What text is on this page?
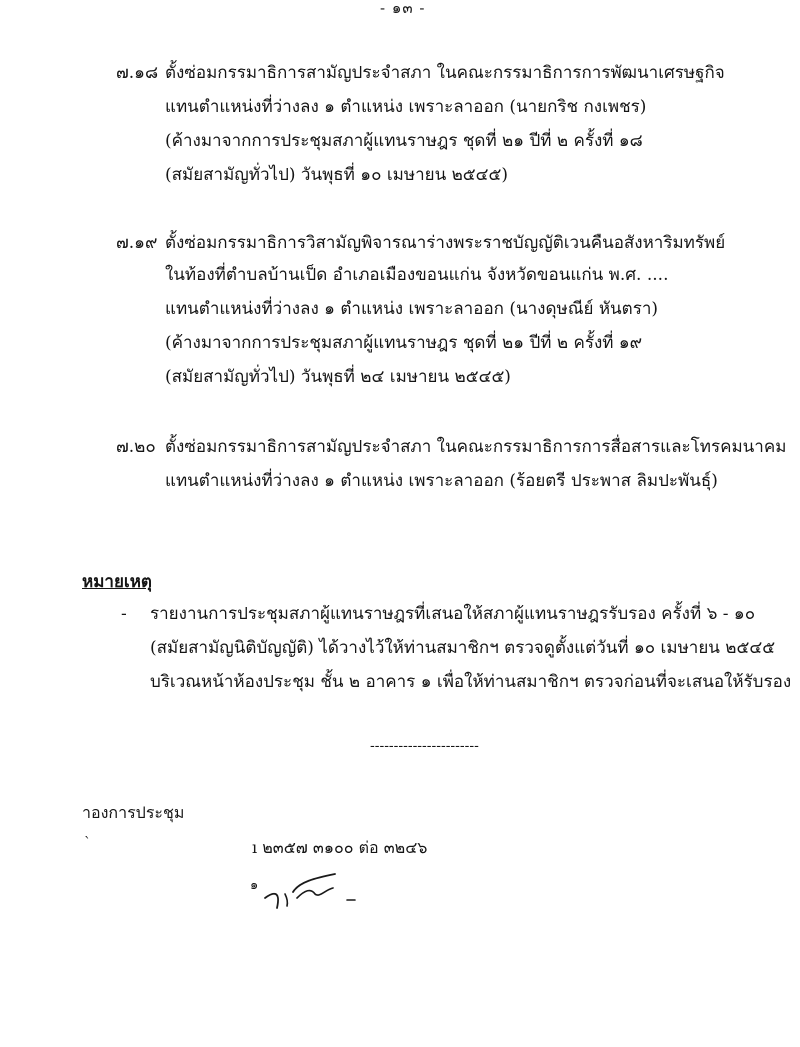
- ๑๓ -
๗.๑๘ ตั้งซ่อมกรรมาธิการสามัญประจำสภา ในคณะกรรมาธิการการพัฒนาเศรษฐกิจ
แทนตำแหน่งที่ว่างลง ๑ ตำแหน่ง เพราะลาออก (นายกริช กงเพชร)
(ค้างมาจากการประชุมสภาผู้แทนราษฎร ชุดที่ ๒๑ ปีที่ ๒ ครั้งที่ ๑๘
(สมัยสามัญทั่วไป) วันพุธที่ ๑๐ เมษายน ๒๕๔๕)
๗.๑๙ ตั้งซ่อมกรรมาธิการวิสามัญพิจารณาร่างพระราชบัญญัติเวนคืนอสังหาริมทรัพย์
ในท้องที่ตำบลบ้านเป็ด อำเภอเมืองขอนแก่น จังหวัดขอนแก่น พ.ศ. ....
แทนตำแหน่งที่ว่างลง ๑ ตำแหน่ง เพราะลาออก (นางดุษณีย์ หันตรา)
(ค้างมาจากการประชุมสภาผู้แทนราษฎร ชุดที่ ๒๑ ปีที่ ๒ ครั้งที่ ๑๙
(สมัยสามัญทั่วไป) วันพุธที่ ๒๔ เมษายน ๒๕๔๕)
๗.๒๐ ตั้งซ่อมกรรมาธิการสามัญประจำสภา ในคณะกรรมาธิการการสื่อสารและโทรคมนาคม
แทนตำแหน่งที่ว่างลง ๑ ตำแหน่ง เพราะลาออก (ร้อยตรี ประพาส ลิมปะพันธุ์)
หมายเหตุ
- รายงานการประชุมสภาผู้แทนราษฎรที่เสนอให้สภาผู้แทนราษฎรรับรอง ครั้งที่ ๖ - ๑๐
(สมัยสามัญนิติบัญญัติ) ได้วางไว้ให้ท่านสมาชิกฯ ตรวจดูตั้งแต่วันที่ ๑๐ เมษายน ๒๕๔๕
บริเวณหน้าห้องประชุม ชั้น ๒ อาคาร ๑ เพื่อให้ท่านสมาชิกฯ ตรวจก่อนที่จะเสนอให้รับรอง
-----------------------
าองการประชุม
`	ı ๒๓๕๗ ๓๑๐๐ ต่อ ๓๒๔๖
๑
